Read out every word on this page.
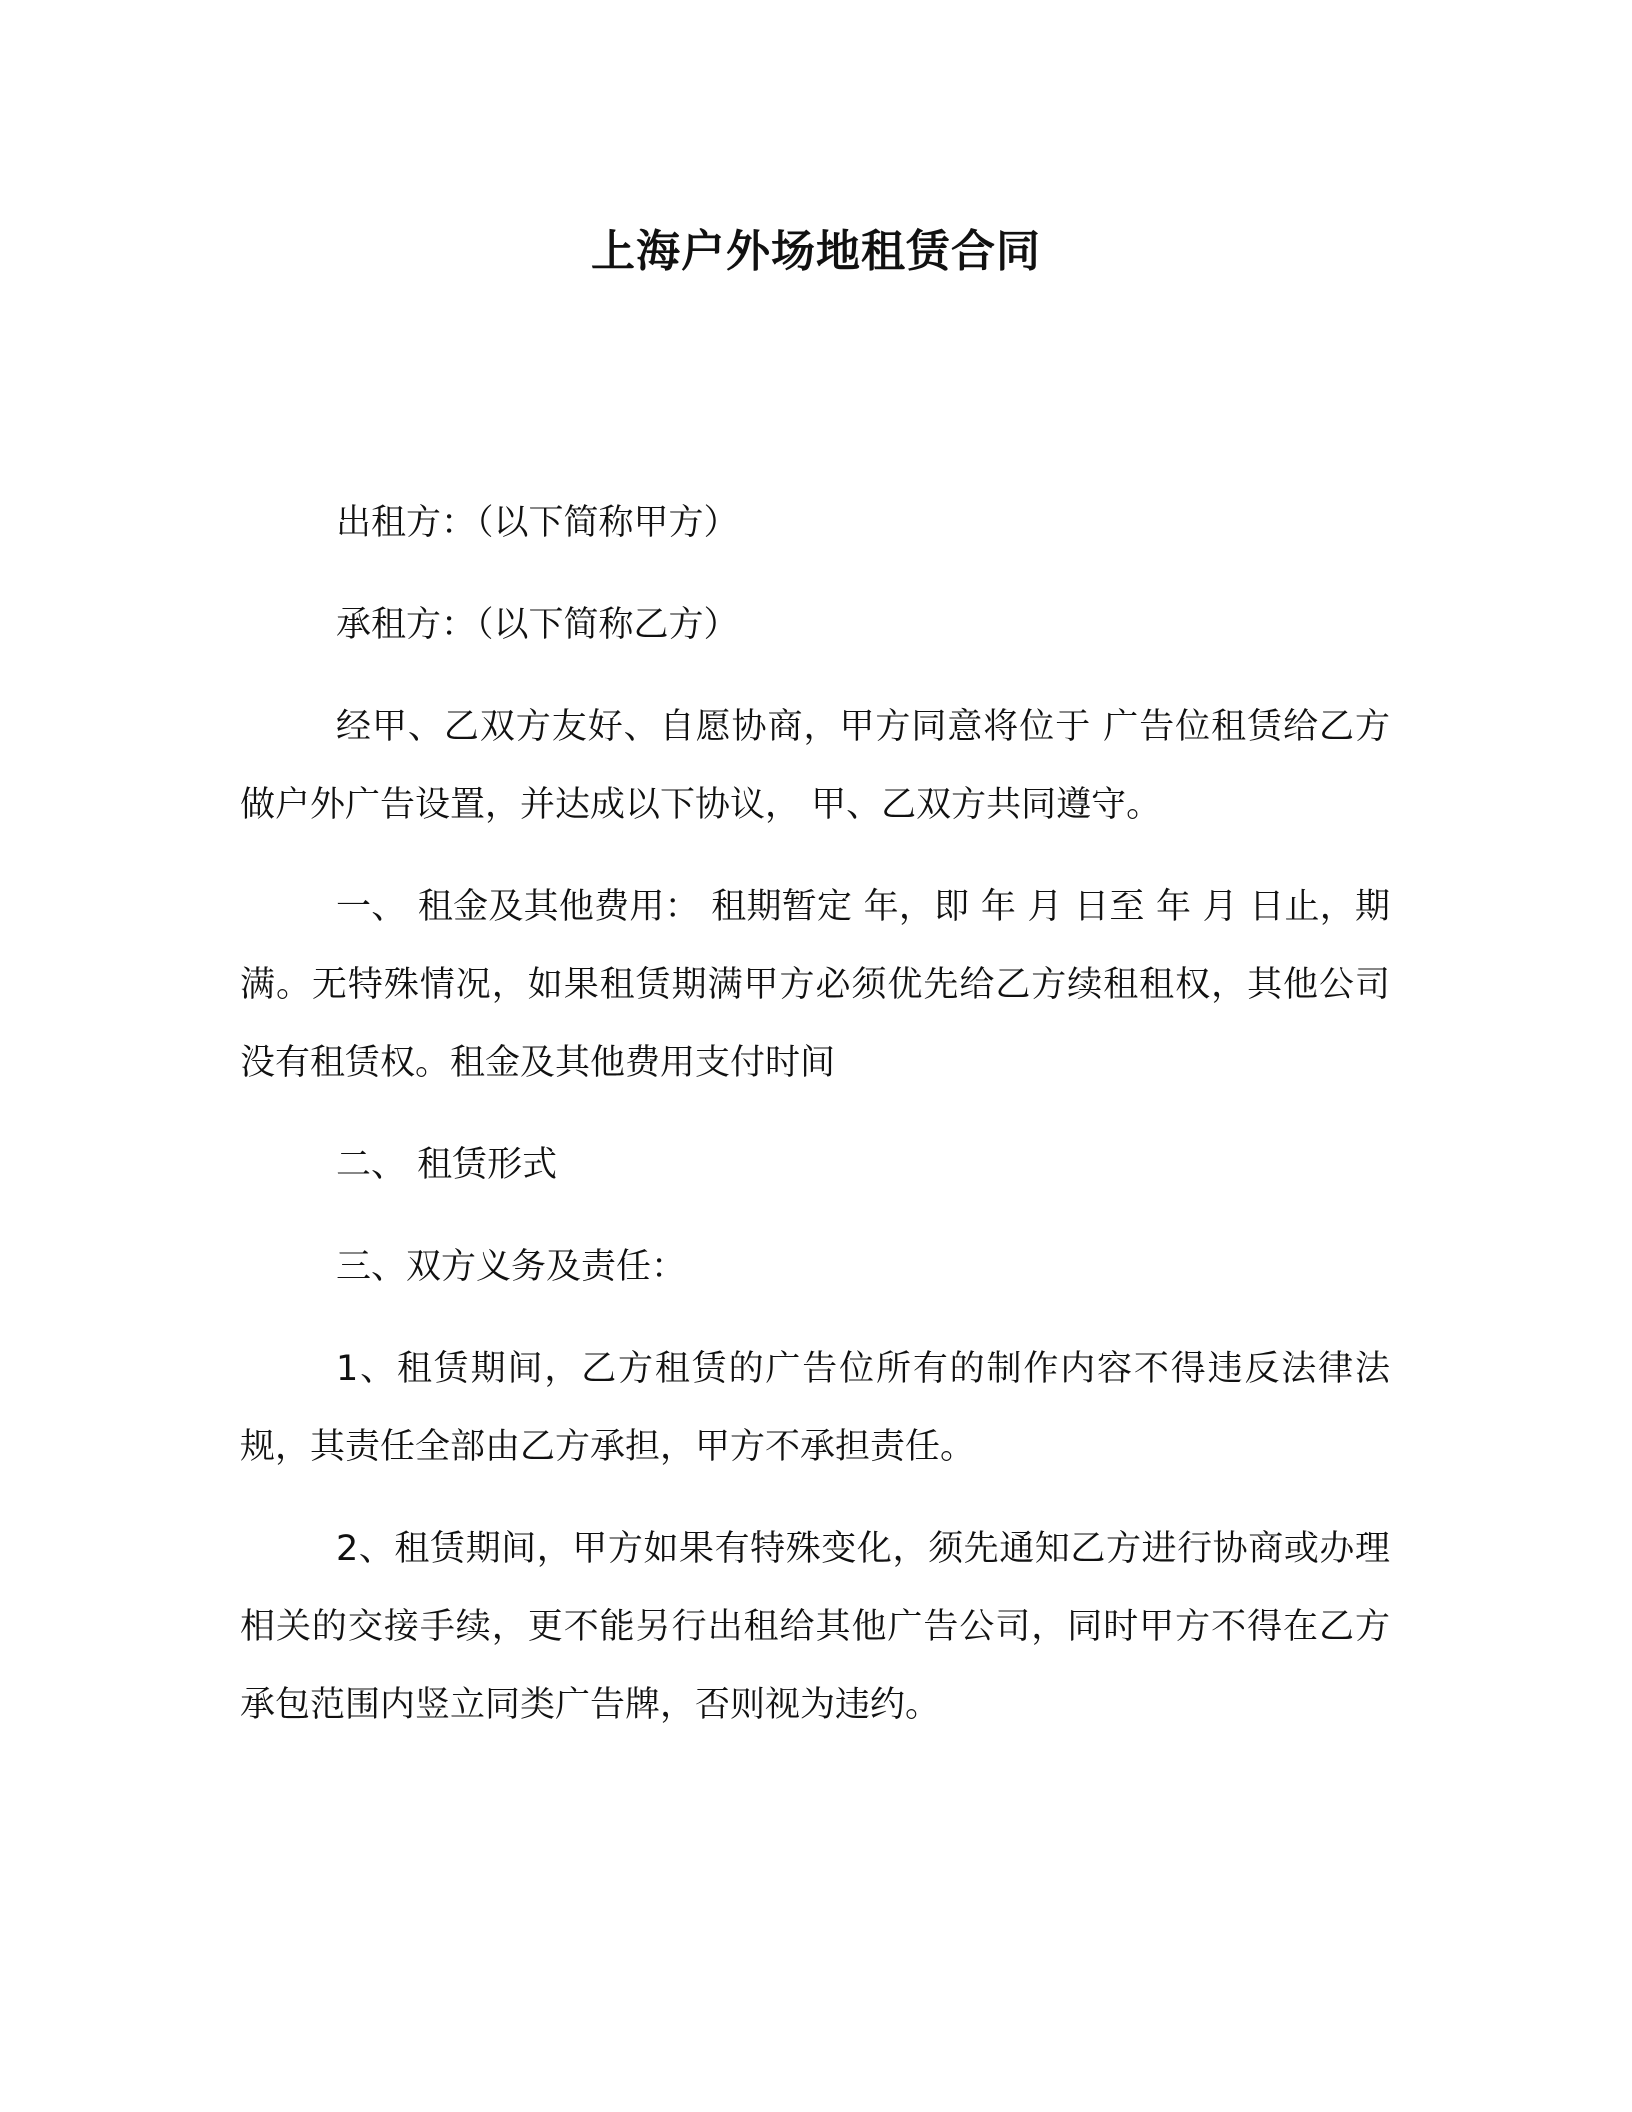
上海户外场地租赁合同

出租方：（以下简称甲方）

承租方：（以下简称乙方）

经甲、乙双方友好、自愿协商，甲方同意将位于 广告位租赁给乙方做户外广告设置，并达成以下协议， 甲、乙双方共同遵守。

一、 租金及其他费用： 租期暂定 年，即 年 月 日至 年 月 日止，期满。无特殊情况，如果租赁期满甲方必须优先给乙方续租租权，其他公司没有租赁权。租金及其他费用支付时间

二、 租赁形式

三、双方义务及责任：

1、租赁期间，乙方租赁的广告位所有的制作内容不得违反法律法规，其责任全部由乙方承担，甲方不承担责任。

2、租赁期间，甲方如果有特殊变化，须先通知乙方进行协商或办理相关的交接手续，更不能另行出租给其他广告公司，同时甲方不得在乙方承包范围内竖立同类广告牌，否则视为违约。
